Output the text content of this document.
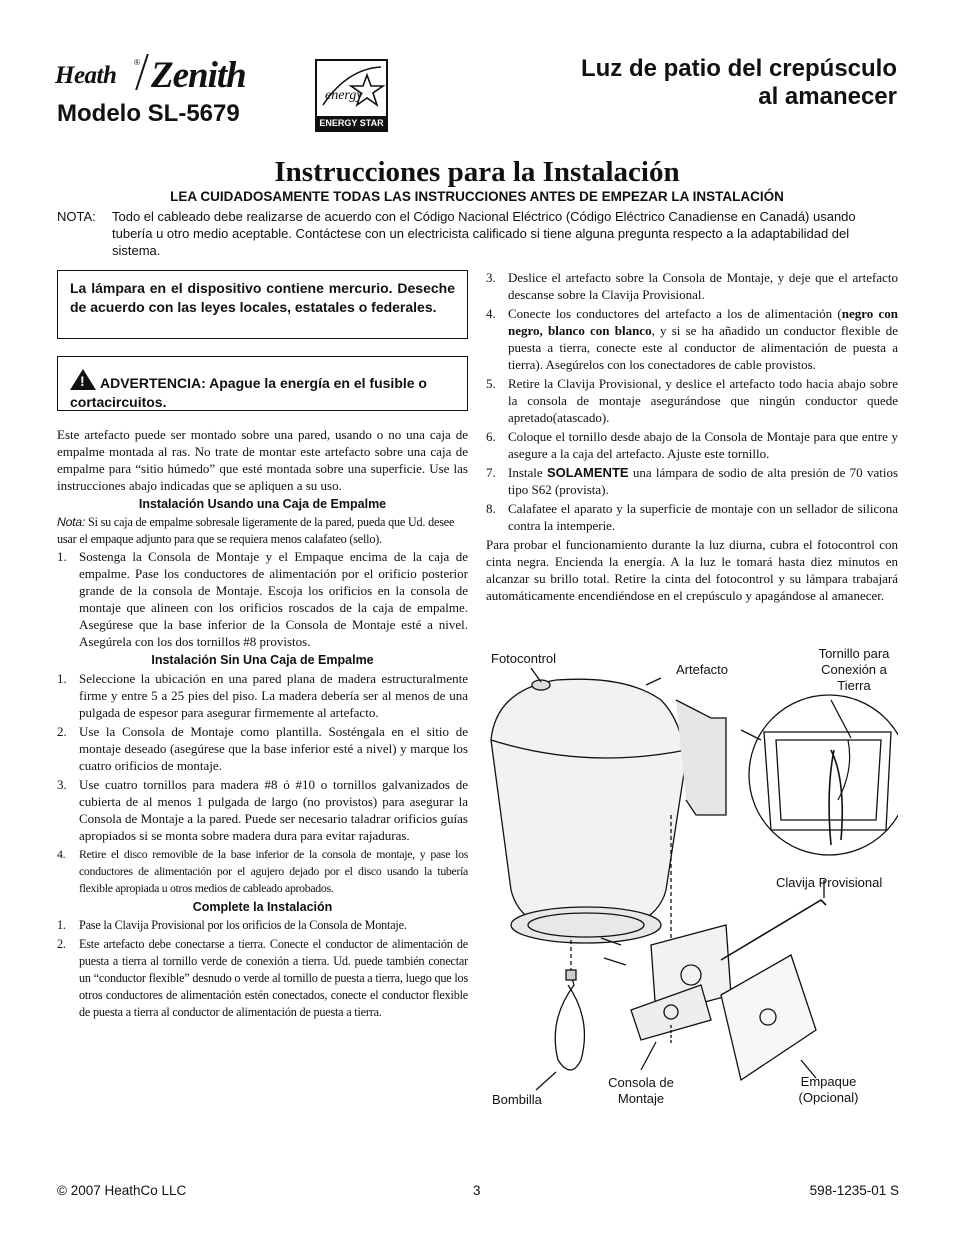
Heath ® Zenith
Modelo SL-5679
energy
ENERGY STAR
Luz de patio del crepúsculo
al amanecer
Instrucciones para la Instalación
LEA CUIDADOSAMENTE TODAS LAS INSTRUCCIONES ANTES DE EMPEZAR LA INSTALACIÓN
NOTA: Todo el cableado debe realizarse de acuerdo con el Código Nacional Eléctrico (Código Eléctrico Canadiense en Canadá) usando tubería u otro medio aceptable. Contáctese con un electricista calificado si tiene alguna pregunta respecto a la adaptabilidad del sistema.
La lámpara en el dispositivo contiene mercurio. Deseche de acuerdo con las leyes locales, estatales o federales.
! ADVERTENCIA: Apague la energía en el fusible o cortacircuitos.

Este artefacto puede ser montado sobre una pared, usando o no una caja de empalme montada al ras. No trate de montar este artefacto sobre una caja de empalme para “sitio húmedo” que esté montada sobre una superficie. Use las instrucciones abajo indicadas que se apliquen a su uso.

Instalación Usando una Caja de Empalme

Nota: Si su caja de empalme sobresale ligeramente de la pared, pueda que Ud. desee usar el empaque adjunto para que se requiera menos calafateo (sello).

1. Sostenga la Consola de Montaje y el Empaque encima de la caja de empalme. Pase los conductores de alimentación por el orificio posterior grande de la consola de Montaje. Escoja los orificios en la consola de montaje que alineen con los orificios roscados de la caja de empalme. Asegúrese que la base inferior de la Consola de Montaje esté a nivel. Asegúrela con los dos tornillos #8 provistos.
Instalación Sin Una Caja de Empalme
1. Seleccione la ubicación en una pared plana de madera estructuralmente firme y entre 5 a 25 pies del piso. La madera debería ser al menos de una pulgada de espesor para asegurar firmemente al artefacto.
2. Use la Consola de Montaje como plantilla. Sosténgala en el sitio de montaje deseado (asegúrese que la base inferior esté a nivel) y marque los cuatro orificios de montaje.
3. Use cuatro tornillos para madera #8 ó #10 o tornillos galvanizados de cubierta de al menos 1 pulgada de largo (no provistos) para asegurar la Consola de Montaje a la pared. Puede ser necesario taladrar orificios guías apropiados si se monta sobre madera dura para evitar rajaduras.
4. Retire el disco removible de la base inferior de la consola de montaje, y pase los conductores de alimentación por el agujero dejado por el disco usando la tubería flexible apropiada u otros medios de cableado aprobados.
Complete la Instalación
1. Pase la Clavija Provisional por los orificios de la Consola de Montaje.
2. Este artefacto debe conectarse a tierra. Conecte el conductor de alimentación de puesta a tierra al tornillo verde de conexión a tierra. Ud. puede también conectar un “conductor flexible” desnudo o verde al tornillo de puesta a tierra, luego que los otros conductores de alimentación estén conectados, conecte el conductor flexible de puesta a tierra al conductor de alimentación de puesta a tierra.
3. Deslice el artefacto sobre la Consola de Montaje, y deje que el artefacto descanse sobre la Clavija Provisional.
4. Conecte los conductores del artefacto a los de alimentación (negro con negro, blanco con blanco, y si se ha añadido un conductor flexible de puesta a tierra, conecte este al conductor de alimentación de puesta a tierra). Asegúrelos con los conectadores de cable provistos.
5. Retire la Clavija Provisional, y deslice el artefacto todo hacia abajo sobre la consola de montaje asegurándose que ningún conductor quede apretado(atascado).
6. Coloque el tornillo desde abajo de la Consola de Montaje para que entre y asegure a la caja del artefacto. Ajuste este tornillo.
7. Instale SOLAMENTE una lámpara de sodio de alta presión de 70 vatios tipo S62 (provista).
8. Calafatee el aparato y la superficie de montaje con un sellador de silicona contra la intemperie.

Para probar el funcionamiento durante la luz diurna, cubra el fotocontrol con cinta negra. Encienda la energía. A la luz le tomará hasta diez minutos en alcanzar su brillo total. Retire la cinta del fotocontrol y su lámpara trabajará automáticamente encendiéndose en el crepúsculo y apagándose al amanecer.

Fotocontrol
Artefacto
Tornillo para
Conexión a
Tierra
Clavija Provisional
Bombilla
Consola de
Montaje
Empaque
(Opcional)
© 2007 HeathCo LLC	3	598-1235-01 S
